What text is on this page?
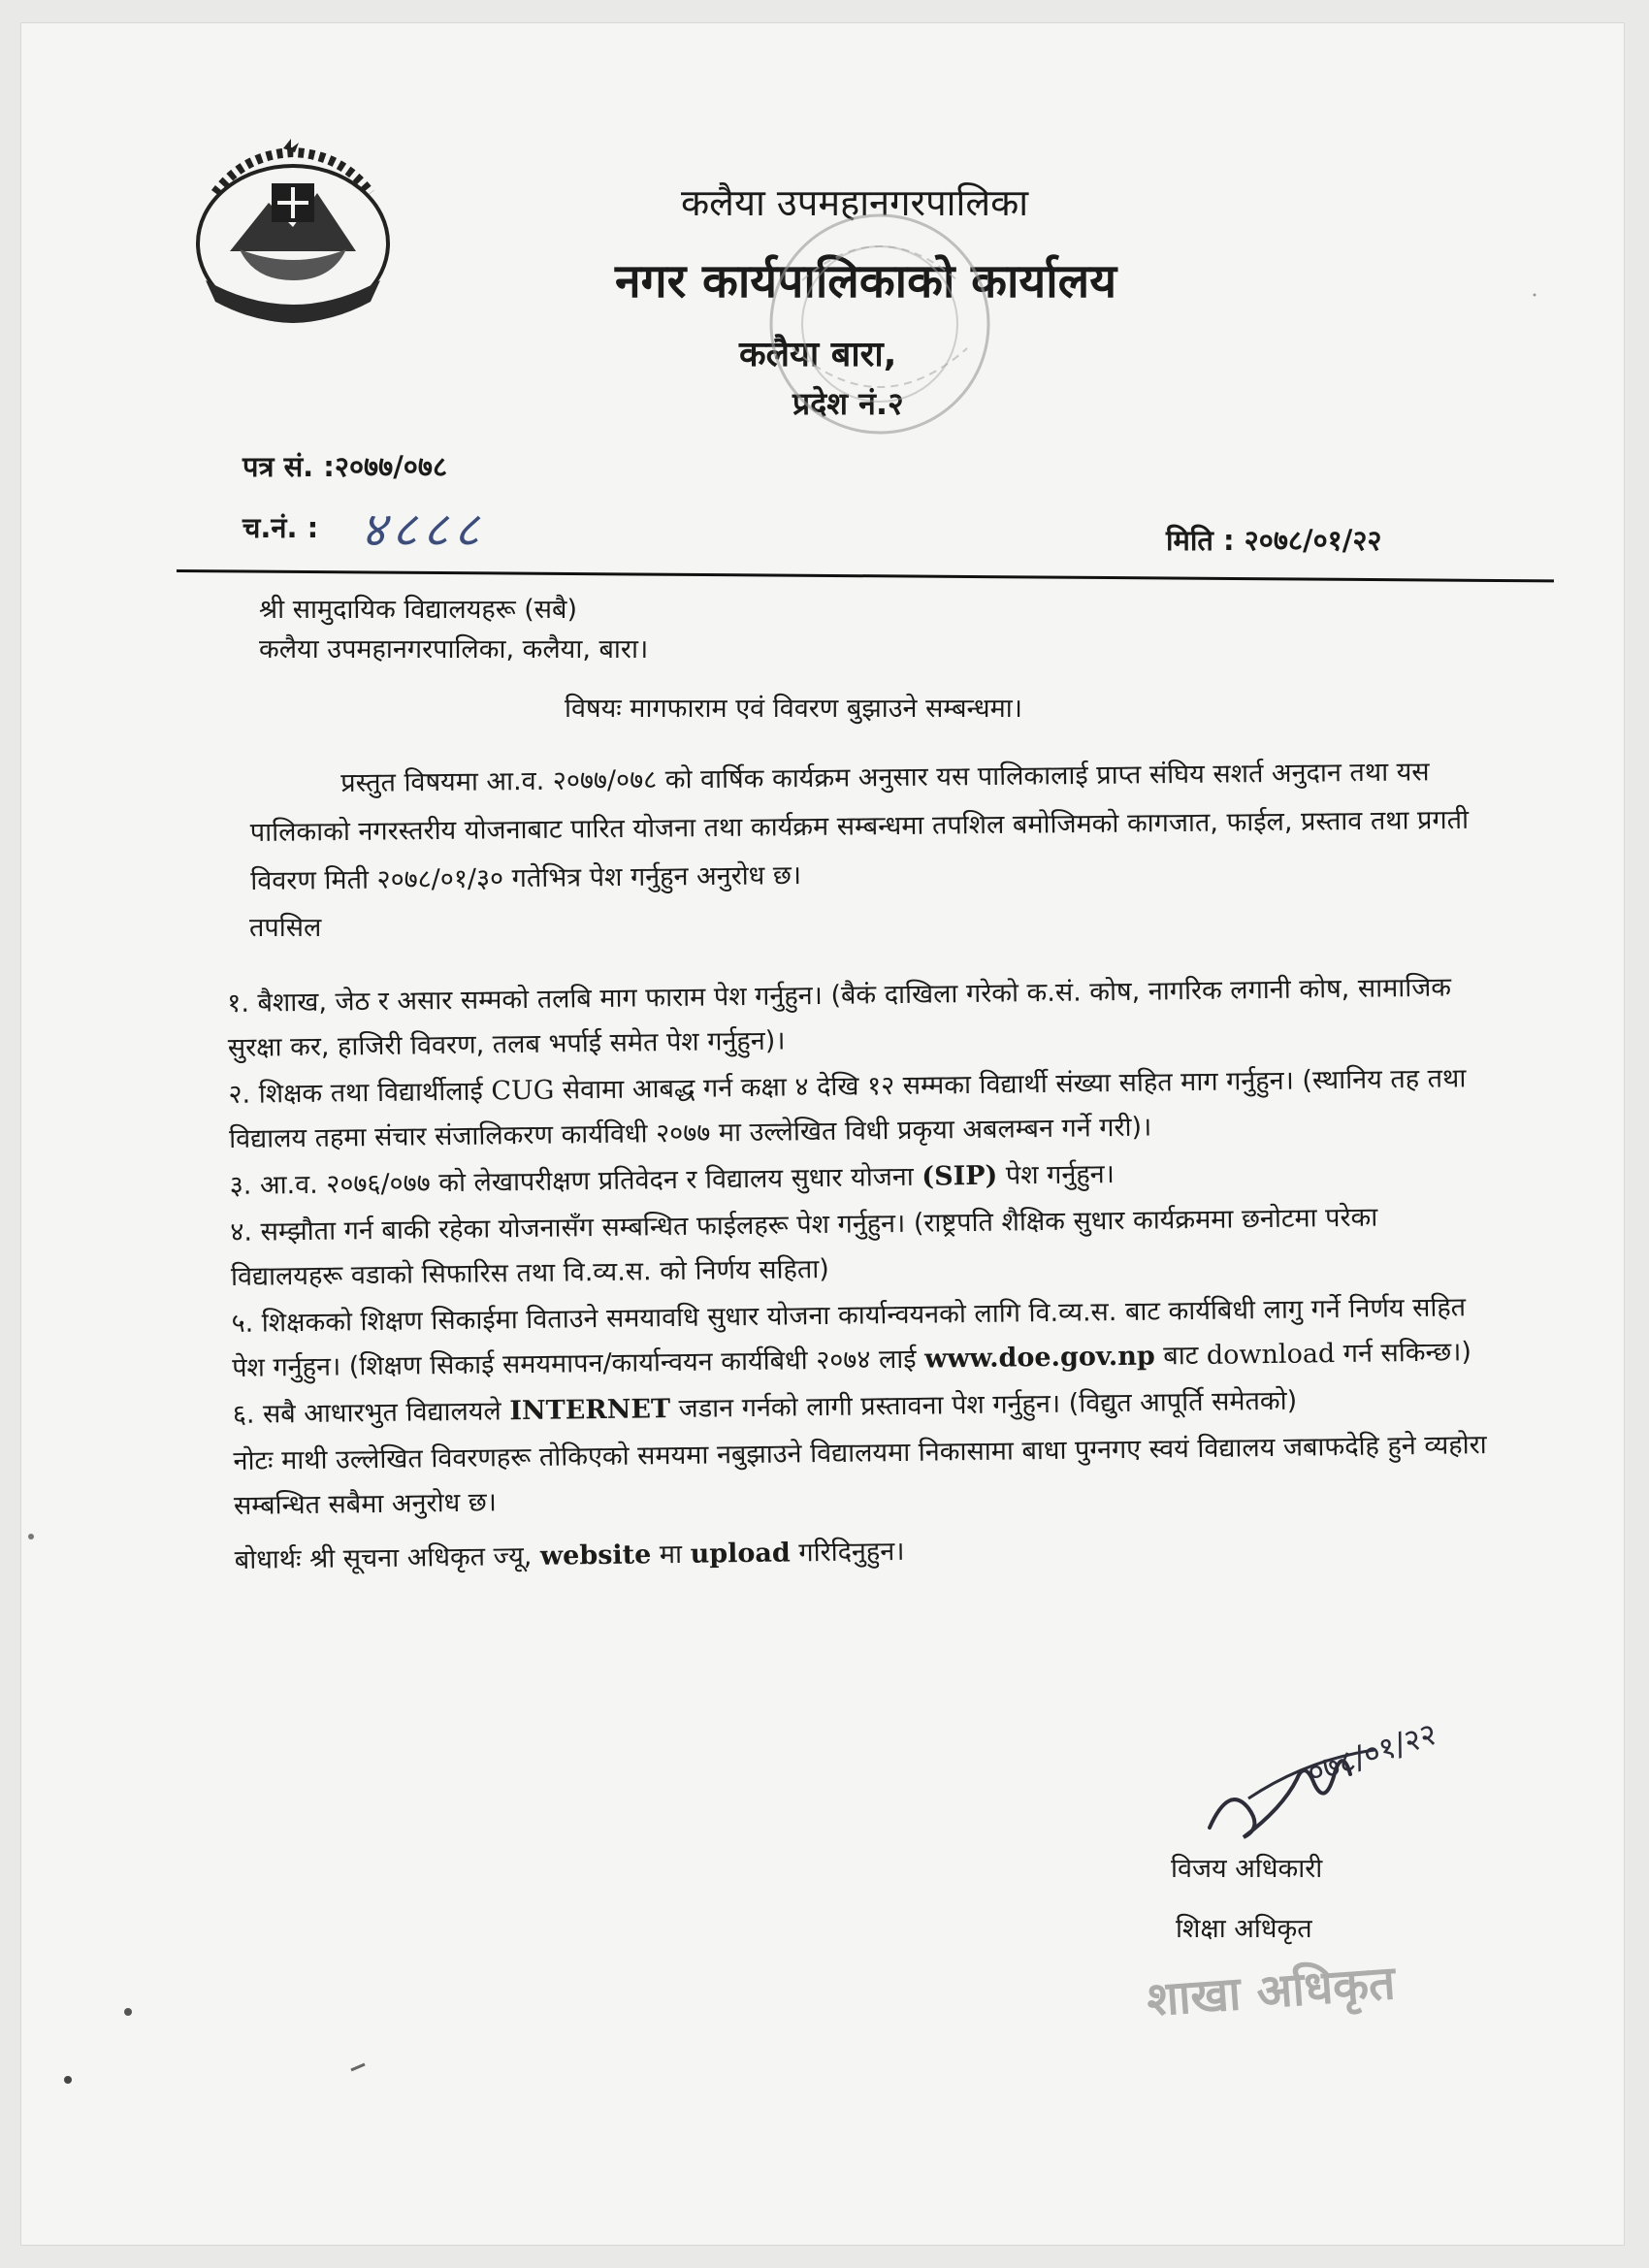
कलैया उपमहानगरपालिका
नगर कार्यपालिकाको कार्यालय
कलैया बारा,
प्रदेश नं.२
पत्र सं. :२०७७/०७८
च.नं. : ४८८८	मिति : २०७८/०१/२२
श्री सामुदायिक विद्यालयहरू (सबै)
कलैया उपमहानगरपालिका, कलैया, बारा।
विषयः मागफाराम एवं विवरण बुझाउने सम्बन्धमा।
प्रस्तुत विषयमा आ.व. २०७७/०७८ को वार्षिक कार्यक्रम अनुसार यस पालिकालाई प्राप्त संघिय सशर्त अनुदान तथा यस पालिकाको नगरस्तरीय योजनाबाट पारित योजना तथा कार्यक्रम सम्बन्धमा तपशिल बमोजिमको कागजात, फाईल, प्रस्ताव तथा प्रगती विवरण मिती २०७८/०१/३० गतेभित्र पेश गर्नुहुन अनुरोध छ।
तपसिल

१. बैशाख, जेठ र असार सम्मको तलबि माग फाराम पेश गर्नुहुन। (बैकं दाखिला गरेको क.सं. कोष, नागरिक लगानी कोष, सामाजिक सुरक्षा कर, हाजिरी विवरण, तलब भर्पाई समेत पेश गर्नुहुन)।

२. शिक्षक तथा विद्यार्थीलाई CUG सेवामा आबद्ध गर्न कक्षा ४ देखि १२ सम्मका विद्यार्थी संख्या सहित माग गर्नुहुन। (स्थानिय तह तथा विद्यालय तहमा संचार संजालिकरण कार्यविधी २०७७ मा उल्लेखित विधी प्रकृया अबलम्बन गर्ने गरी)।

३. आ.व. २०७६/०७७ को लेखापरीक्षण प्रतिवेदन र विद्यालय सुधार योजना (SIP) पेश गर्नुहुन।

४. सम्झौता गर्न बाकी रहेका योजनासँग सम्बन्धित फाईलहरू पेश गर्नुहुन। (राष्ट्रपति शैक्षिक सुधार कार्यक्रममा छनोटमा परेका विद्यालयहरू वडाको सिफारिस तथा वि.व्य.स. को निर्णय सहिता)

५. शिक्षकको शिक्षण सिकाईमा विताउने समयावधि सुधार योजना कार्यान्वयनको लागि वि.व्य.स. बाट कार्यबिधी लागु गर्ने निर्णय सहित पेश गर्नुहुन। (शिक्षण सिकाई समयमापन/कार्यान्वयन कार्यबिधी २०७४ लाई www.doe.gov.np बाट download गर्न सकिन्छ।)

६. सबै आधारभुत विद्यालयले INTERNET जडान गर्नको लागी प्रस्तावना पेश गर्नुहुन। (विद्युत आपूर्ति समेतको)

नोटः माथी उल्लेखित विवरणहरू तोकिएको समयमा नबुझाउने विद्यालयमा निकासामा बाधा पुग्नगए स्वयं विद्यालय जबाफदेहि हुने व्यहोरा सम्बन्धित सबैमा अनुरोध छ।

बोधार्थः श्री सूचना अधिकृत ज्यू, website मा upload गरिदिनुहुन।

०७८/०१/२२
विजय अधिकारी
शिक्षा अधिकृत
शाखा अधिकृत
